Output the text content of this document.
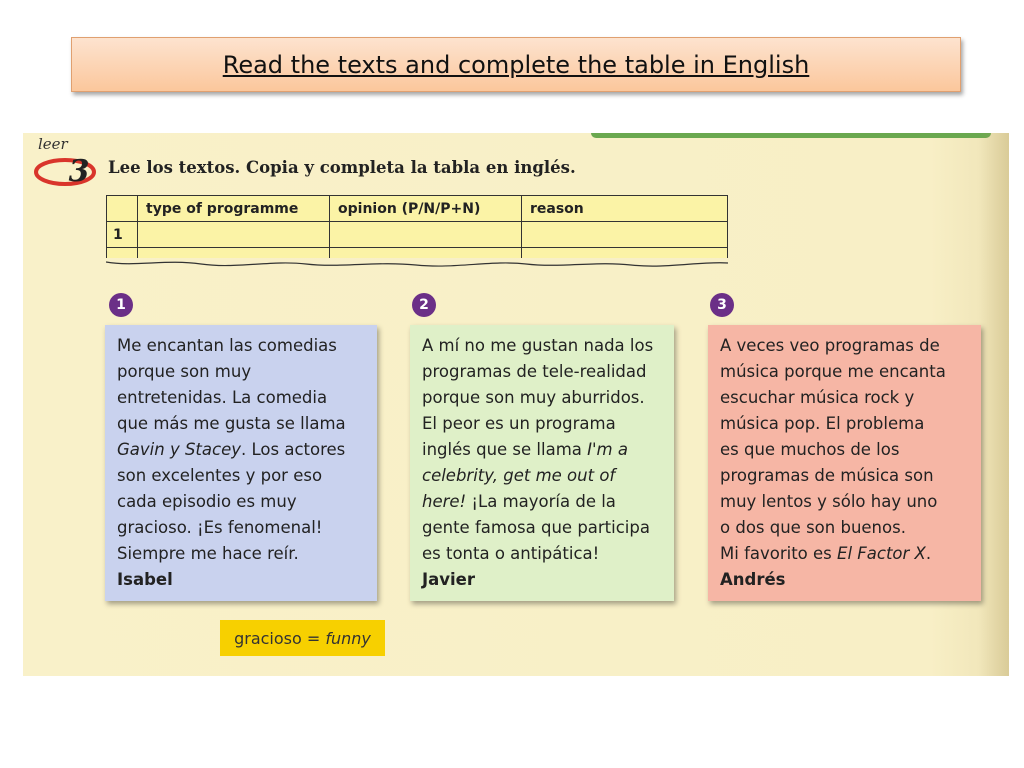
Read the texts and complete the table in English
leer
3 Lee los textos. Copia y completa la tabla en inglés.
	type of programme	opinion (P/N/P+N)	reason
1			

1	2	3
Me encantan las comedias
porque son muy
entretenidas. La comedia
que más me gusta se llama
Gavin y Stacey. Los actores
son excelentes y por eso
cada episodio es muy
gracioso. ¡Es fenomenal!
Siempre me hace reír.
Isabel
A mí no me gustan nada los
programas de tele-realidad
porque son muy aburridos.
El peor es un programa
inglés que se llama I'm a
celebrity, get me out of
here! ¡La mayoría de la
gente famosa que participa
es tonta o antipática!
Javier
A veces veo programas de
música porque me encanta
escuchar música rock y
música pop. El problema
es que muchos de los
programas de música son
muy lentos y sólo hay uno
o dos que son buenos.
Mi favorito es El Factor X.
Andrés
gracioso = funny
